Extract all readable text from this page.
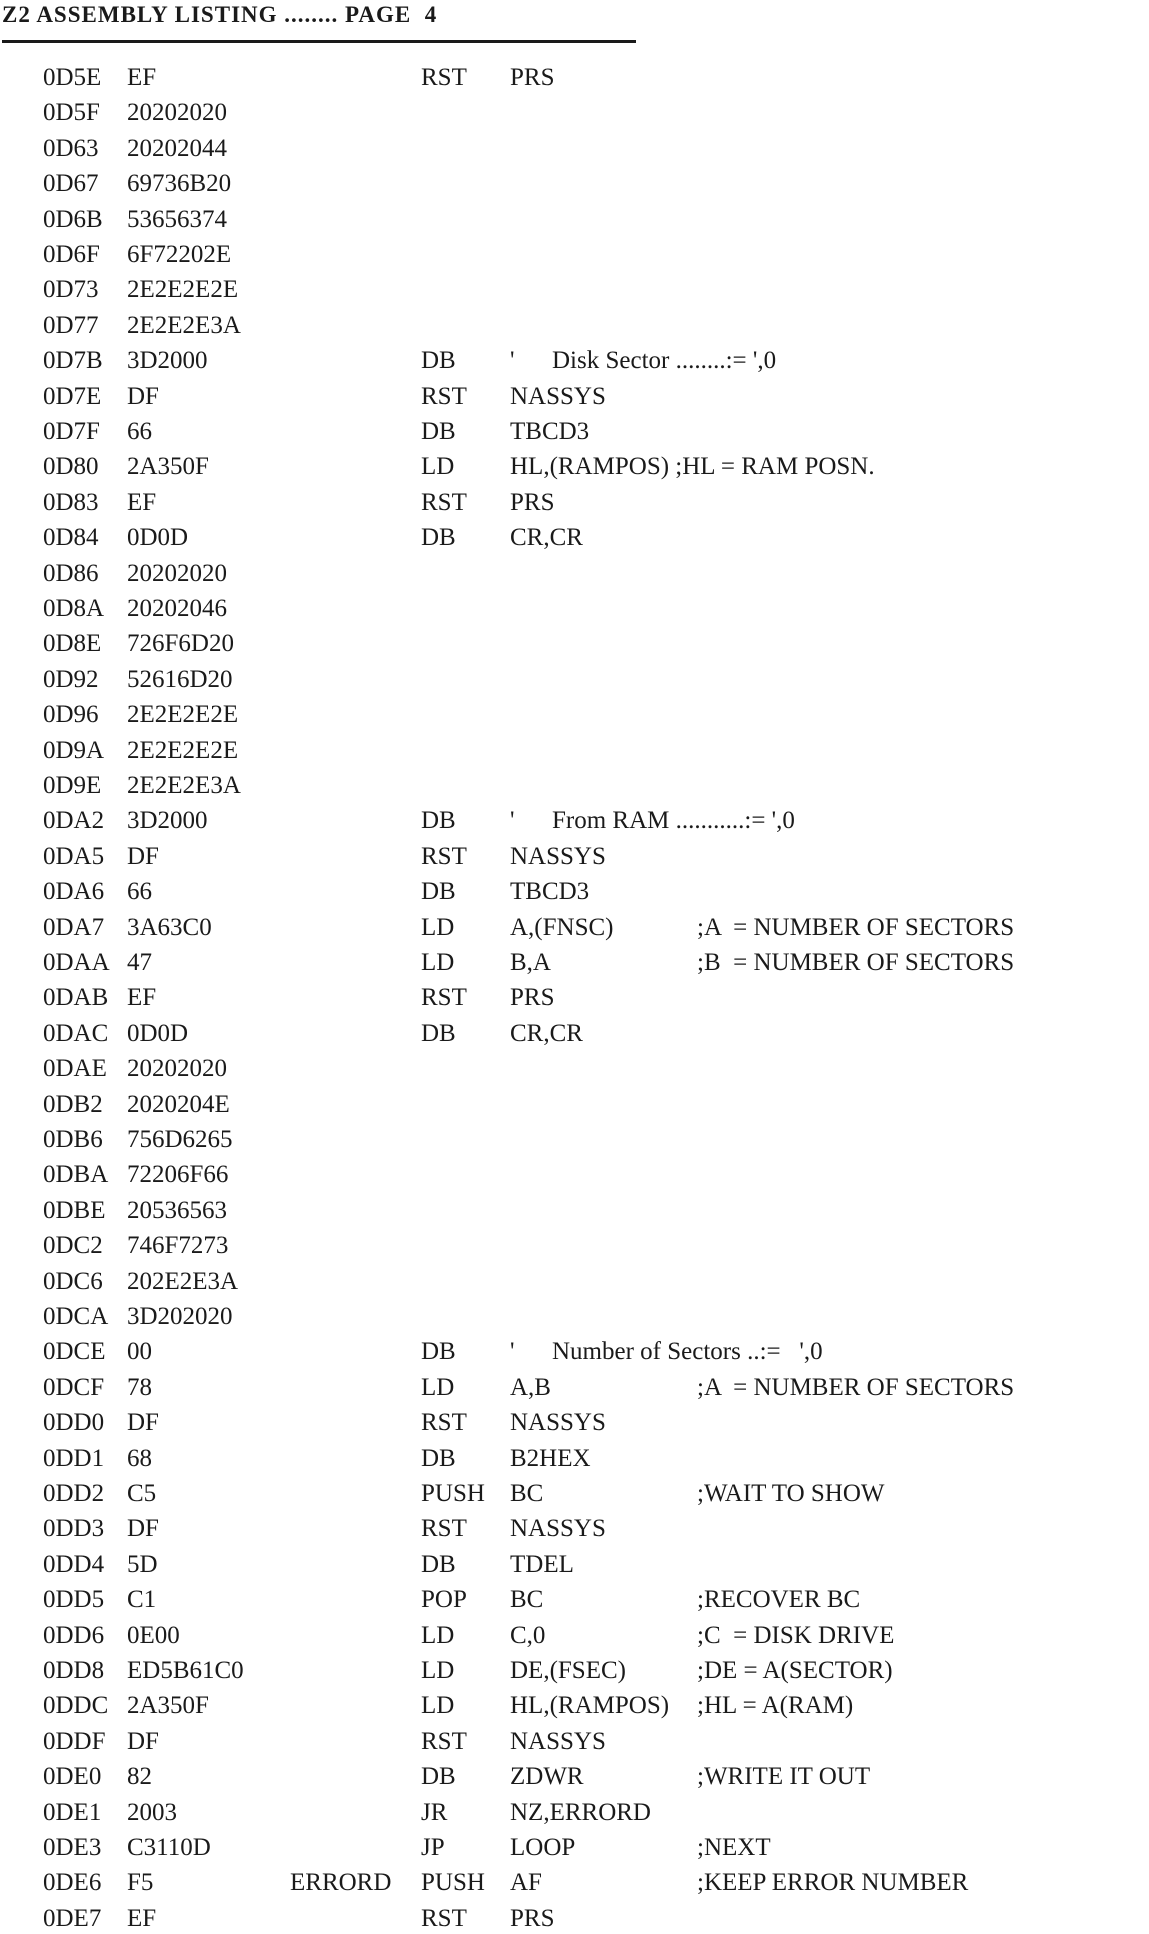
Z2 ASSEMBLY LISTING ........ PAGE  4
0D5E EF	RST PRS
0D5F 20202020
0D63 20202044
0D67 69736B20
0D6B 53656374
0D6F 6F72202E
0D73 2E2E2E2E
0D77 2E2E2E3A
0D7B 3D2000	DB '      Disk Sector ........:= ',0
0D7E DF	RST NASSYS
0D7F 66	DB TBCD3
0D80 2A350F	LD HL,(RAMPOS) ;HL = RAM POSN.
0D83 EF	RST PRS
0D84 0D0D	DB CR,CR
0D86 20202020
0D8A 20202046
0D8E 726F6D20
0D92 52616D20
0D96 2E2E2E2E
0D9A 2E2E2E2E
0D9E 2E2E2E3A
0DA2 3D2000	DB '      From RAM ...........:= ',0
0DA5 DF	RST NASSYS
0DA6 66	DB TBCD3
0DA7 3A63C0	LD A,(FNSC)	;A  = NUMBER OF SECTORS
0DAA 47	LD B,A	;B  = NUMBER OF SECTORS
0DAB EF	RST PRS
0DAC 0D0D	DB CR,CR
0DAE 20202020
0DB2 2020204E
0DB6 756D6265
0DBA 72206F66
0DBE 20536563
0DC2 746F7273
0DC6 202E2E3A
0DCA 3D202020
0DCE 00	DB '      Number of Sectors ..:=   ',0
0DCF 78	LD A,B	;A  = NUMBER OF SECTORS
0DD0 DF	RST NASSYS
0DD1 68	DB B2HEX
0DD2 C5	PUSH BC	;WAIT TO SHOW
0DD3 DF	RST NASSYS
0DD4 5D	DB TDEL
0DD5 C1	POP BC	;RECOVER BC
0DD6 0E00	LD C,0	;C  = DISK DRIVE
0DD8 ED5B61C0	LD DE,(FSEC)	;DE = A(SECTOR)
0DDC 2A350F	LD HL,(RAMPOS) ;HL = A(RAM)
0DDF DF	RST NASSYS
0DE0 82	DB ZDWR	;WRITE IT OUT
0DE1 2003	JR	NZ,ERRORD
0DE3 C3110D	JP	LOOP	;NEXT
0DE6 F5	ERRORD PUSH AF	;KEEP ERROR NUMBER
0DE7 EF	RST PRS
